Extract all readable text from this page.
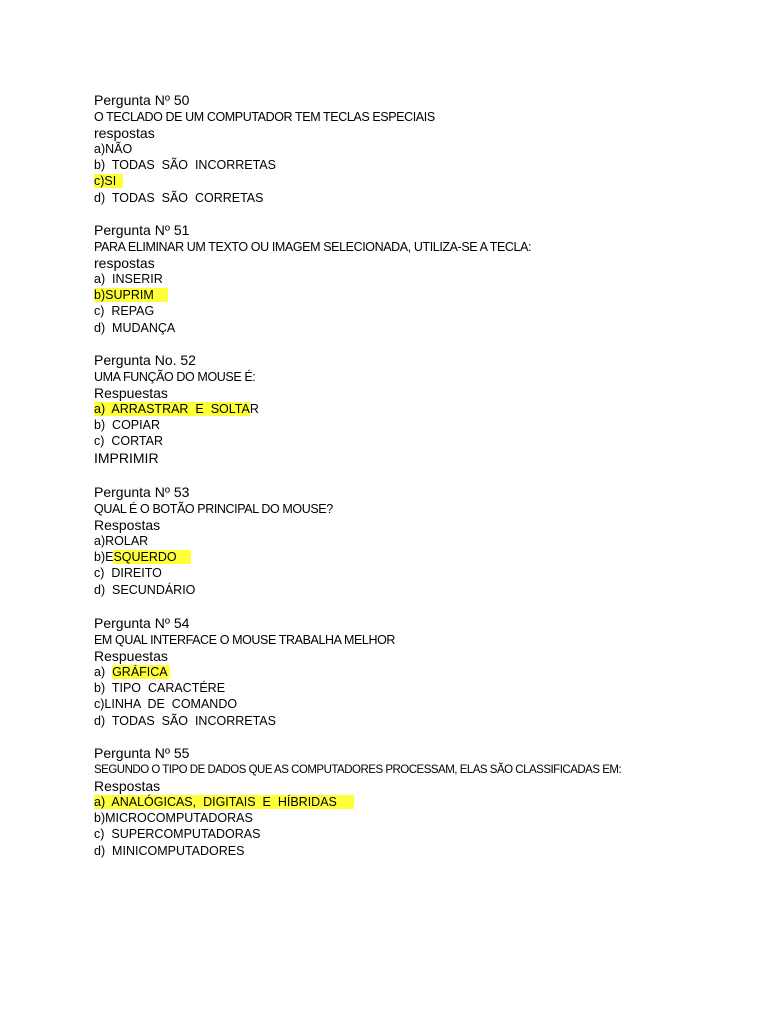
Pergunta Nº 50
O TECLADO DE UM COMPUTADOR TEM TECLAS ESPECIAIS
respostas
a)NÃO
b)  TODAS  SÃO  INCORRETAS
c)SI
d)  TODAS  SÃO  CORRETAS
Pergunta Nº 51
PARA ELIMINAR UM TEXTO OU IMAGEM SELECIONADA, UTILIZA-SE A TECLA:
respostas
a)  INSERIR
b)SUPRIM
c)  REPAG
d)  MUDANÇA
Pergunta No. 52
UMA FUNÇÃO DO MOUSE É:
Respuestas
a)  ARRASTRAR  E  SOLTAR
b)  COPIAR
c)  CORTAR
IMPRIMIR
Pergunta Nº 53
QUAL É O BOTÃO PRINCIPAL DO MOUSE?
Respostas
a)ROLAR
b)ESQUERDO
c)  DIREITO
d)  SECUNDÁRIO
Pergunta Nº 54
EM QUAL INTERFACE O MOUSE TRABALHA MELHOR
Respuestas
a)  GRÁFICA
b)  TIPO  CARACTÉRE
c)LINHA  DE  COMANDO
d)  TODAS  SÃO  INCORRETAS
Pergunta Nº 55
SEGUNDO O TIPO DE DADOS QUE AS COMPUTADORES PROCESSAM, ELAS SÃO CLASSIFICADAS EM:
Respostas
a)  ANALÓGICAS,  DIGITAIS  E  HÍBRIDAS
b)MICROCOMPUTADORAS
c)  SUPERCOMPUTADORAS
d)  MINICOMPUTADORES
